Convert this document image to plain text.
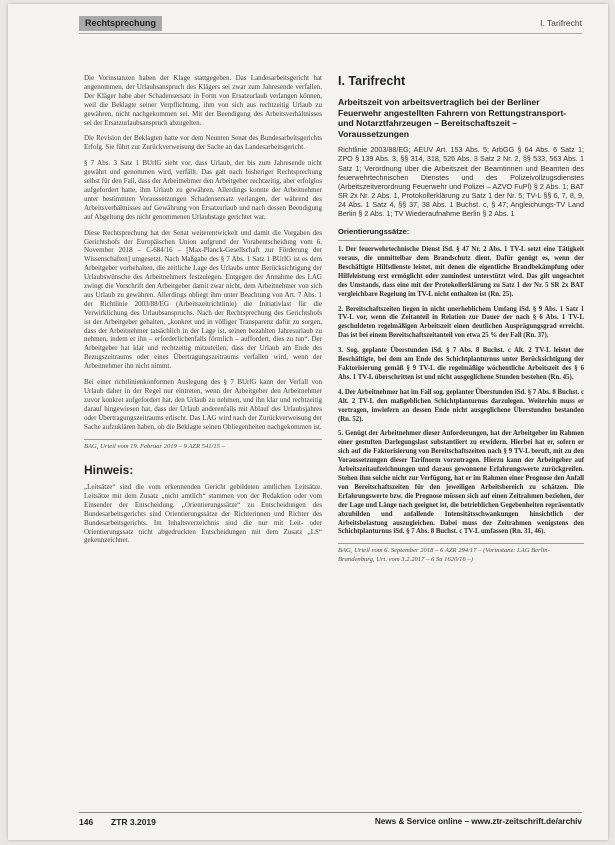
Rechtsprechung	I. Tarifrecht

Die Vorinstanzen haben der Klage stattgegeben. Das Landesarbeitsgericht hat angenommen, der Urlaubsanspruch des Klägers sei zwar zum Jahresende verfallen. Der Kläger habe aber Schadensersatz in Form von Ersatzurlaub verlangen können, weil die Beklagte seiner Verpflichtung, ihm von sich aus rechtzeitig Urlaub zu gewähren, nicht nachgekommen sei. Mit der Beendigung des Arbeitsverhältnisses sei der Ersatzurlaubsanspruch abzugelten.

Die Revision der Beklagten hatte vor dem Neunten Senat des Bundesarbeitsgerichts Erfolg. Sie führt zur Zurückverweisung der Sache an das Landesarbeitsgericht.

§ 7 Abs. 3 Satz 1 BUrlG sieht vor, dass Urlaub, der bis zum Jahresende nicht gewährt und genommen wird, verfällt. Das galt nach bisheriger Rechtsprechung selbst für den Fall, dass der Arbeitnehmer den Arbeitgeber rechtzeitig, aber erfolglos aufgefordert hatte, ihm Urlaub zu gewähren. Allerdings konnte der Arbeitnehmer unter bestimmten Voraussetzungen Schadensersatz verlangen, der während des Arbeitsverhältnisses auf Gewährung von Ersatzurlaub und nach dessen Beendigung auf Abgeltung des nicht genommenen Urlaubstage gerichtet war.

Diese Rechtsprechung hat der Senat weiterentwickelt und damit die Vorgaben des Gerichtshofs der Europäischen Union aufgrund der Vorabentscheidung vom 6. November 2018 – C-684/16 – [Max-Planck-Gesellschaft zur Förderung der Wissenschaften] umgesetzt. Nach Maßgabe des § 7 Abs. 1 Satz 1 BUrlG ist es dem Arbeitgeber vorbehalten, die zeitliche Lage des Urlaubs unter Berücksichtigung der Urlaubswünsche des Arbeitnehmers festzulegen. Entgegen der Annahme des LAG zwingt die Vorschrift den Arbeitgeber damit zwar nicht, dem Arbeitnehmer von sich aus Urlaub zu gewähren. Allerdings obliegt ihm unter Beachtung von Art. 7 Abs. 1 der Richtlinie 2003/88/EG (Arbeitszeitrichtlinie) die Initiativlast für die Verwirklichung des Urlaubsanspruchs. Nach der Rechtsprechung des Gerichtshofs ist der Arbeitgeber gehalten, „konkret und in völliger Transparenz dafür zu sorgen, dass der Arbeitnehmer tatsächlich in der Lage ist, seinen bezahlten Jahresurlaub zu nehmen, indem er ihn – erforderlichenfalls förmlich – auffordert, dies zu tun“. Der Arbeitgeber hat klar und rechtzeitig mitzuteilen, dass der Urlaub am Ende des Bezugszeitraums oder eines Übertragungszeitraums verfallen wird, wenn der Arbeitnehmer ihn nicht nimmt.

Bei einer richtlinienkonformen Auslegung des § 7 BUrlG kann der Verfall von Urlaub daher in der Regel nur eintreten, wenn der Arbeitgeber den Arbeitnehmer zuvor konkret aufgefordert hat, den Urlaub zu nehmen, und ihn klar und rechtzeitig darauf hingewiesen hat, dass der Urlaub anderenfalls mit Ablauf des Urlaubsjahres oder Übertragungszeitraums erlischt. Das LAG wird nach der Zurückverweisung der Sache aufzuklären haben, ob die Beklagte seinen Obliegenheiten nachgekommen ist.

BAG, Urteil vom 19. Februar 2019 – 9 AZR 541/15 –

Hinweis:

„Leitsätze“ sind die vom erkennenden Gericht gebildeten amtlichen Leitsätze. Leitsätze mit dem Zusatz „nicht amtlich“ stammen von der Redaktion oder vom Einsender der Entscheidung. „Orientierungssätze“ zu Entscheidungen des Bundesarbeitsgerichts sind Orientierungssätze der Richterinnen und Richter des Bundesarbeitsgerichts. Im Inhaltsverzeichnis sind die nur mit Leit- oder Orientierungssatz nicht abgedruckten Entscheidungen mit dem Zusatz „LS“ gekennzeichnet.

I. Tarifrecht
Arbeitszeit von arbeitsvertraglich bei der Berliner Feuerwehr angestellten Fahrern von Rettungstransport- und Notarztfahrzeugen – Bereitschaftszeit – Voraussetzungen
Richtlinie 2003/88/EG; AEUV Art. 153 Abs. 5; ArbGG § 64 Abs. 6 Satz 1; ZPO § 139 Abs. 3, §§ 314, 318, 526 Abs. 3 Satz 2 Nr. 2, §§ 533, 563 Abs. 1 Satz 1; Verordnung über die Arbeitszeit der Beamtinnen und Beamten des feuerwehrtechnischen Dienstes und des Polizeivollzugsdienstes (Arbeitszeitverordnung Feuerwehr und Polizei – AZVO FuPl) § 2 Abs. 1; BAT SR 2x Nr. 2 Abs. 1, Protokollerklärung zu Satz 1 der Nr. 5; TV-L §§ 6, 7, 8, 9, 24 Abs. 1 Satz 4, §§ 37, 38 Abs. 1 Buchst. c, § 47; Angleichungs-TV Land Berlin § 2 Abs. 1; TV Wiederaufnahme Berlin § 2 Abs. 1
Orientierungssätze:

1. Der feuerwehrtechnische Dienst iSd. § 47 Nr. 2 Abs. 1 TV-L setzt eine Tätigkeit voraus, die unmittelbar dem Brandschutz dient. Dafür genügt es, wenn der Beschäftigte Hilfsdienste leistet, mit denen die eigentliche Brandbekämpfung oder Hilfeleistung erst ermöglicht oder zumindest unterstützt wird. Das gilt ungeachtet des Umstands, dass eine mit der Protokollerklärung zu Satz 1 der Nr. 5 SR 2x BAT vergleichbare Regelung im TV-L nicht enthalten ist (Rn. 25).

2. Bereitschaftszeiten liegen in nicht unerheblichem Umfang iSd. § 9 Abs. 1 Satz 1 TV-L vor, wenn die Zeitanteil in Relation zur Dauer der nach § 6 Abs. 1 TV-L geschuldeten regelmäßigen Arbeitszeit einen deutlichen Ausprägungsgrad erreicht. Das ist bei einem Bereitschaftszeitanteil von etwa 25 % der Fall (Rn. 37).

3. Sog. geplante Überstunden iSd. § 7 Abs. 8 Buchst. c Alt. 2 TV-L leistet der Beschäftigte, bei dem am Ende des Schichtplanturnus unter Berücksichtigung der Faktorisierung gemäß § 9 TV-L die regelmäßige wöchentliche Arbeitszeit des § 6 Abs. 1 TV-L überschritten ist und nicht ausgeglichene Stunden bestehen (Rn. 45).

4. Der Arbeitnehmer hat im Fall sog. geplanter Überstunden iSd. § 7 Abs. 8 Buchst. c Alt. 2 TV-L den maßgeblichen Schichtplanturnus darzulegen. Weiterhin muss er vortragen, inwiefern an dessen Ende nicht ausgeglichene Überstunden bestanden (Rn. 52).

5. Genügt der Arbeitnehmer dieser Anforderungen, hat der Arbeitgeber im Rahmen einer gestuften Darlegungslast substantiiert zu erwidern. Hierbei hat er, sofern er sich auf die Faktorisierung von Bereitschaftszeiten nach § 9 TV-L beruft, mit zu den Voraussetzungen dieser Tarifnorm vorzutragen. Hierzu kann der Arbeitgeber auf Arbeitszeitaufzeichnungen und daraus gewonnene Erfahrungswerte zurückgreifen. Stehen ihm solche nicht zur Verfügung, hat er im Rahmen einer Prognose den Anfall von Bereitschaftszeiten für den jeweiligen Arbeitsbereich zu schätzen. Die Erfahrungswerte bzw. die Prognose müssen sich auf einen Zeitrahmen beziehen, der der Lage und Länge nach geeignet ist, die betrieblichen Gegebenheiten repräsentativ abzubilden und anfallende Intensitätsschwankungen hinsichtlich der Arbeitsbelastung auszugleichen. Dabei muss der Zeitrahmen wenigstens den Schichtplanturnus iSd. § 7 Abs. 8 Buchst. c TV-L umfassen (Rn. 31, 46).

BAG, Urteil vom 6. September 2018 – 6 AZR 294/17 – (Vorinstanz: LAG Berlin-Brandenburg, Urt. vom 3.2.2017 – 6 Sa 1620/16 –)

146 ZTR 3.2019	News & Service online – www.ztr-zeitschrift.de/archiv
